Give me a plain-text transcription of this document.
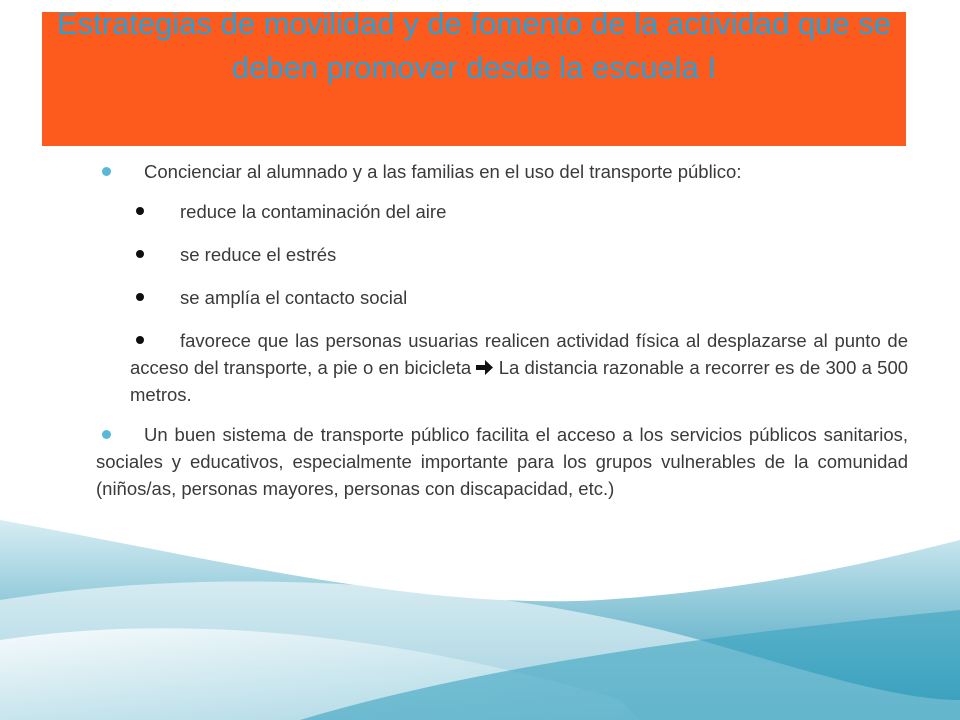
Estrategias de movilidad y de fomento de la actividad que se deben promover desde la escuela I
Concienciar al alumnado y a las familias en el uso del transporte público:
reduce la contaminación del aire
se reduce el estrés
se amplía el contacto social
favorece que las personas usuarias realicen actividad física al desplazarse al punto de acceso del transporte, a pie o en bicicleta La distancia razonable a recorrer es de 300 a 500 metros.
Un buen sistema de transporte público facilita el acceso a los servicios públicos sanitarios, sociales y educativos, especialmente importante para los grupos vulnerables de la comunidad (niños/as, personas mayores, personas con discapacidad, etc.)
